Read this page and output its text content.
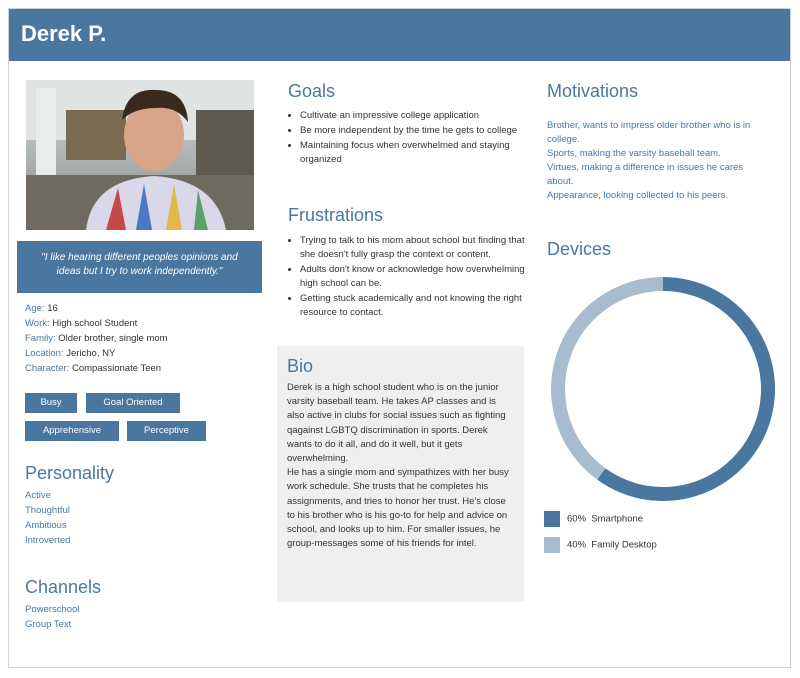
Derek P.
"I like hearing different peoples opinions and ideas but I try to work independently."
Age: 16
Work: High school Student
Family: Older brother, single mom
Location: Jericho, NY
Character: Compassionate Teen
Busy	Goal Oriented
Apprehensive	Perceptive
Personality
Active
Thoughtful
Ambitious
Introverted
Channels
Powerschool
Group Text
Goals
• Cultivate an impressive college application
• Be more independent by the time he gets to college
• Maintaining focus when overwhelmed and staying organized
Frustrations
• Trying to talk to his mom about school but finding that she doesn't fully grasp the context or content.
• Adults don't know or acknowledge how overwhelming high school can be.
• Getting stuck academically and not knowing the right resource to contact.
Bio

Derek is a high school student who is on the junior varsity baseball team. He takes AP classes and is also active in clubs for social issues such as fighting qagainst LGBTQ discrimination in sports. Derek wants to do it all, and do it well, but it gets overwhelming.

He has a single mom and sympathizes with her busy work schedule. She trusts that he completes his assignments, and tries to honor her trust. He's close to his brother who is his go-to for help and advice on school, and looks up to him. For smaller issues, he group-messages some of his friends for intel.

Motivations
Brother, wants to impress older brother who is in college.
Sports, making the varsity baseball team.
Virtues, making a difference in issues he cares about.
Appearance, looking collected to his peers.
Devices
60% Smartphone
40% Family Desktop
